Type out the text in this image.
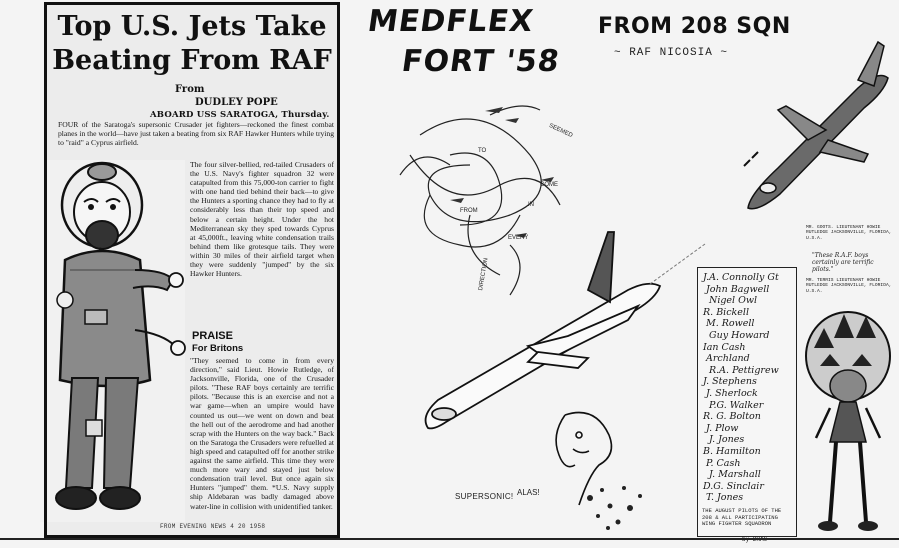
Top U.S. Jets Take
Beating From RAF
From
DUDLEY POPE
ABOARD USS SARATOGA, Thursday.
FOUR of the Saratoga's supersonic Crusader jet fighters—reckoned the finest combat planes in the world—have just taken a beating from six RAF Hawker Hunters while trying to "raid" a Cyprus airfield.
The four silver-bellied, red-tailed Crusaders of the U.S. Navy's fighter squadron 32 were catapulted from this 75,000-ton carrier to fight with one hand tied behind their back—to give the Hunters a sporting chance they had to fly at considerably less than their top speed and below a certain height. Under the hot Mediterranean sky they sped towards Cyprus at 45,000ft., leaving white condensation trails behind them like grotesque tails. They were within 30 miles of their airfield target when they were suddenly "jumped" by the six Hawker Hunters.
PRAISE
For Britons
"They seemed to come in from every direction," said Lieut. Howie Rutledge, of Jacksonville, Florida, one of the Crusader pilots. "These RAF boys certainly are terrific pilots. "Because this is an exercise and not a war game—when an umpire would have counted us out—we went on down and beat the hell out of the aerodrome and had another scrap with the Hunters on the way back." Back on the Saratoga the Crusaders were refuelled at high speed and catapulted off for another strike against the same airfield. This time they were much more wary and stayed just below condensation trail level. But once again six Hunters "jumped" them. *U.S. Navy supply ship Aldebaran was badly damaged above water-line in collision with unidentified tanker.
FROM EVENING NEWS 4 20 1958
MEDFLEX
FORT '58
FROM 208 SQN
~ RAF NICOSIA ~
TO
COME
IN
FROM
EVERY
DIRECTION
SEEMED
SUPERSONIC! ALAS!
J.A. Connolly Gt
John Bagwell
Nigel Owl
R. Bickell
M. Rowell
Guy Howard
Ian Cash
Archland
R.A. Pettigrew
J. Stephens
J. Sherlock
P.G. Walker
R. G. Bolton
J. Plow
J. Jones
B. Hamilton
P. Cash
J. Marshall
D.G. Sinclair
T. Jones
THE AUGUST PILOTS OF THE 208 & ALL PARTICIPATING WING FIGHTER SQUADRON
MR. GOOTS. LIEUTENANT HOWIE RUTLEDGE JACKSONVILLE, FLORIDA, U.S.A.
"These R.A.F. boys certainly are terrific pilots."
MR. TERRIS LIEUTENANT HOWIE RUTLEDGE JACKSONVILLE, FLORIDA, U.S.A.
